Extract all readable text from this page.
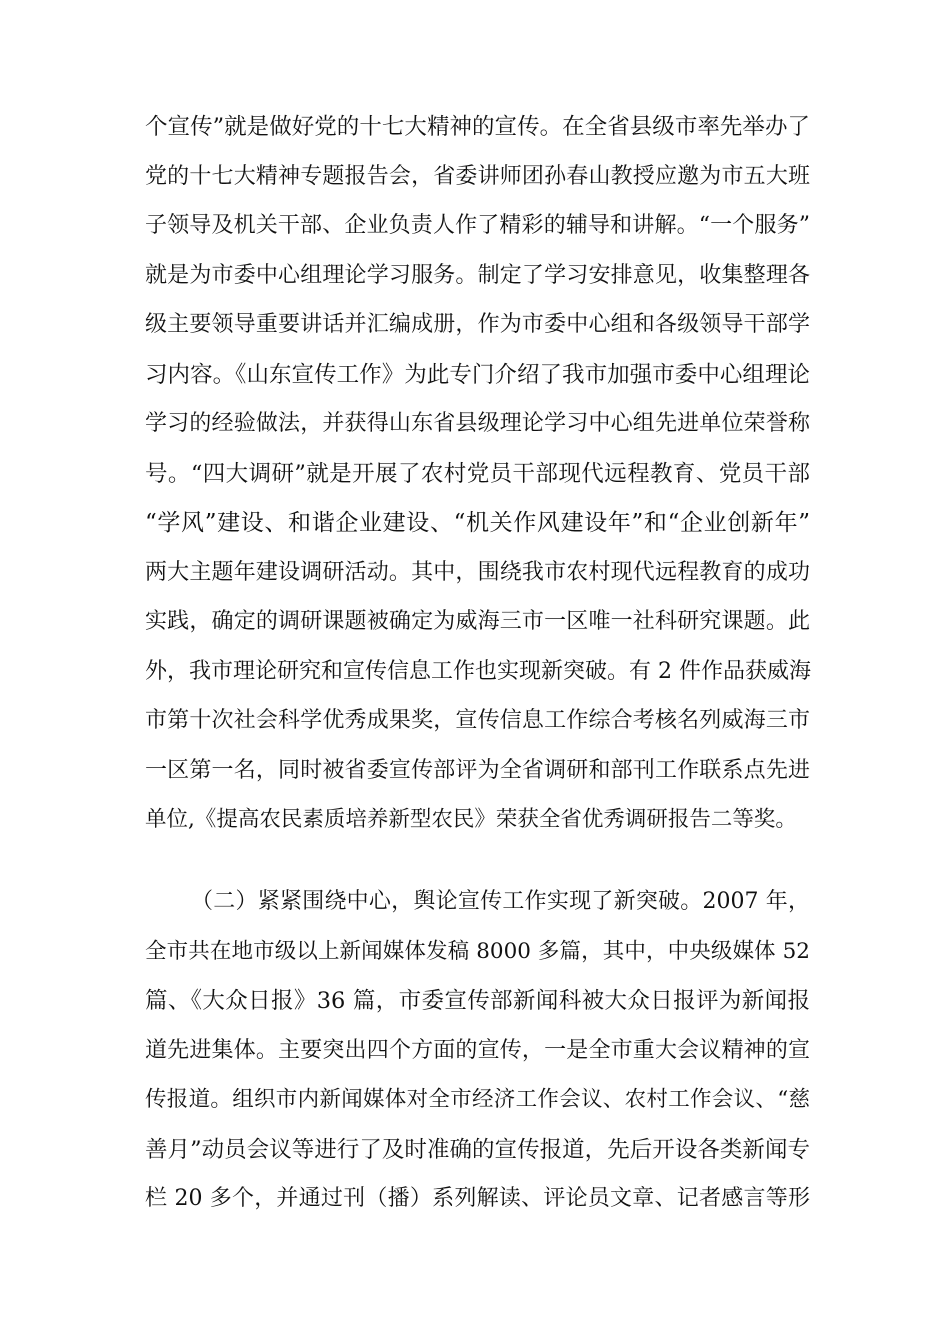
个宣传”就是做好党的十七大精神的宣传。在全省县级市率先举办了
党的十七大精神专题报告会，省委讲师团孙春山教授应邀为市五大班
子领导及机关干部、企业负责人作了精彩的辅导和讲解。“一个服务”
就是为市委中心组理论学习服务。制定了学习安排意见，收集整理各
级主要领导重要讲话并汇编成册，作为市委中心组和各级领导干部学
习内容。《山东宣传工作》为此专门介绍了我市加强市委中心组理论
学习的经验做法，并获得山东省县级理论学习中心组先进单位荣誉称
号。“四大调研”就是开展了农村党员干部现代远程教育、党员干部
“学风”建设、和谐企业建设、“机关作风建设年”和“企业创新年”
两大主题年建设调研活动。其中，围绕我市农村现代远程教育的成功
实践，确定的调研课题被确定为威海三市一区唯一社科研究课题。此
外，我市理论研究和宣传信息工作也实现新突破。有 2 件作品获威海
市第十次社会科学优秀成果奖，宣传信息工作综合考核名列威海三市
一区第一名，同时被省委宣传部评为全省调研和部刊工作联系点先进
单位,《提高农民素质培养新型农民》荣获全省优秀调研报告二等奖。
（二）紧紧围绕中心，舆论宣传工作实现了新突破。2007 年，
全市共在地市级以上新闻媒体发稿 8000 多篇，其中，中央级媒体 52
篇、《大众日报》36 篇，市委宣传部新闻科被大众日报评为新闻报
道先进集体。主要突出四个方面的宣传，一是全市重大会议精神的宣
传报道。组织市内新闻媒体对全市经济工作会议、农村工作会议、“慈
善月”动员会议等进行了及时准确的宣传报道，先后开设各类新闻专
栏 20 多个，并通过刊（播）系列解读、评论员文章、记者感言等形
